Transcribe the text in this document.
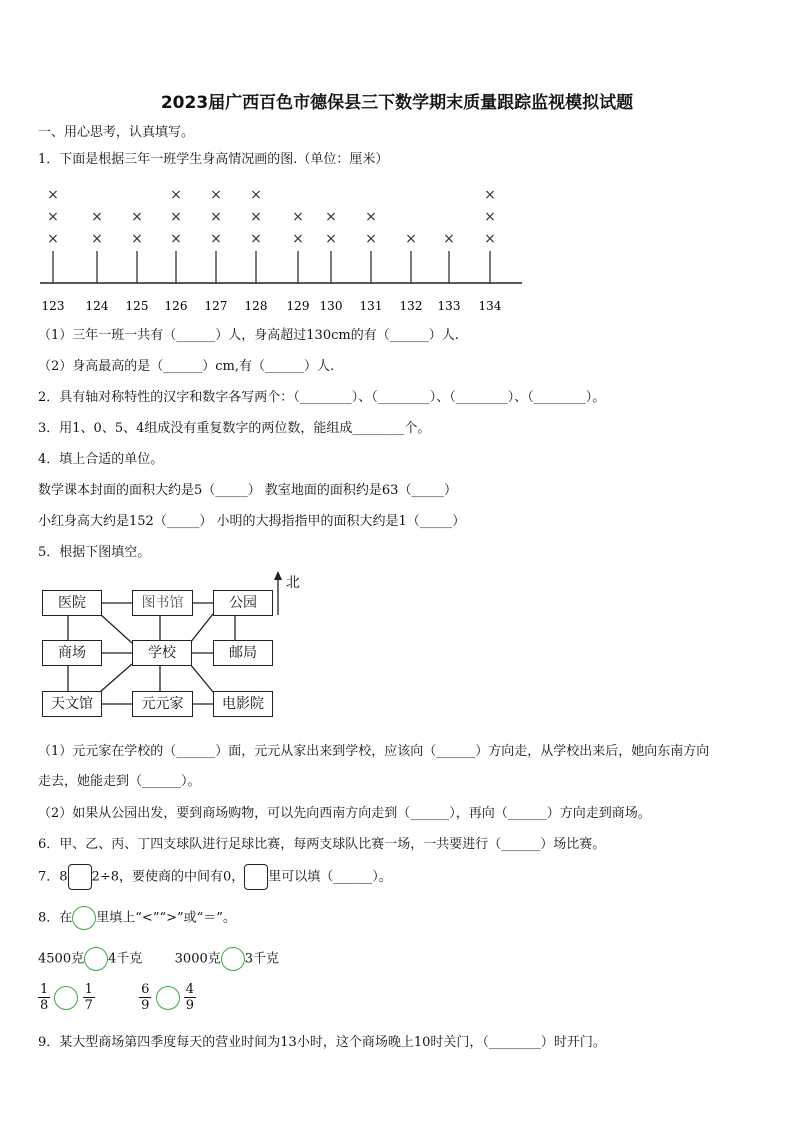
2023届广西百色市德保县三下数学期末质量跟踪监视模拟试题
一、用心思考，认真填写。
1．下面是根据三年一班学生身高情况画的图.（单位：厘米）
123
×
×
×
124
×
×
125
×
×
126
×
×
×
127
×
×
×
128
×
×
×
129
×
×
130
×
×
131
×
×
132
×
133
×
134
×
×
×
（1）三年一班一共有（______）人，身高超过130cm的有（______）人.
（2）身高最高的是（______）cm,有（______）人.
2．具有轴对称特性的汉字和数字各写两个：（________）、（________）、（________）、（________）。
3．用1、0、5、4组成没有重复数字的两位数，能组成________个。
4．填上合适的单位。
数学课本封面的面积大约是5（_____） 教室地面的面积约是63（_____）
小红身高大约是152（_____） 小明的大拇指指甲的面积大约是1（_____）
5．根据下图填空。
北
医院	图书馆	公园
商场	学校	邮局
天文馆	元元家	电影院
（1）元元家在学校的（______）面，元元从家出来到学校，应该向（______）方向走，从学校出来后，她向东南方向
走去，她能走到（______）。
（2）如果从公园出发，要到商场购物，可以先向西南方向走到（______），再向（______）方向走到商场。
6．甲、乙、丙、丁四支球队进行足球比赛，每两支球队比赛一场，一共要进行（______）场比赛。
7．8 2÷8，要使商的中间有0， 里可以填（______）。
8．在 里填上“<”“>”或“＝”。
4500克 4千克 3000克 3千克
$\frac{1}{8}$
$\frac{1}{7}$
	$\frac{6}{9}$
$\frac{4}{9}$
9．某大型商场第四季度每天的营业时间为13小时，这个商场晚上10时关门，（________）时开门。
